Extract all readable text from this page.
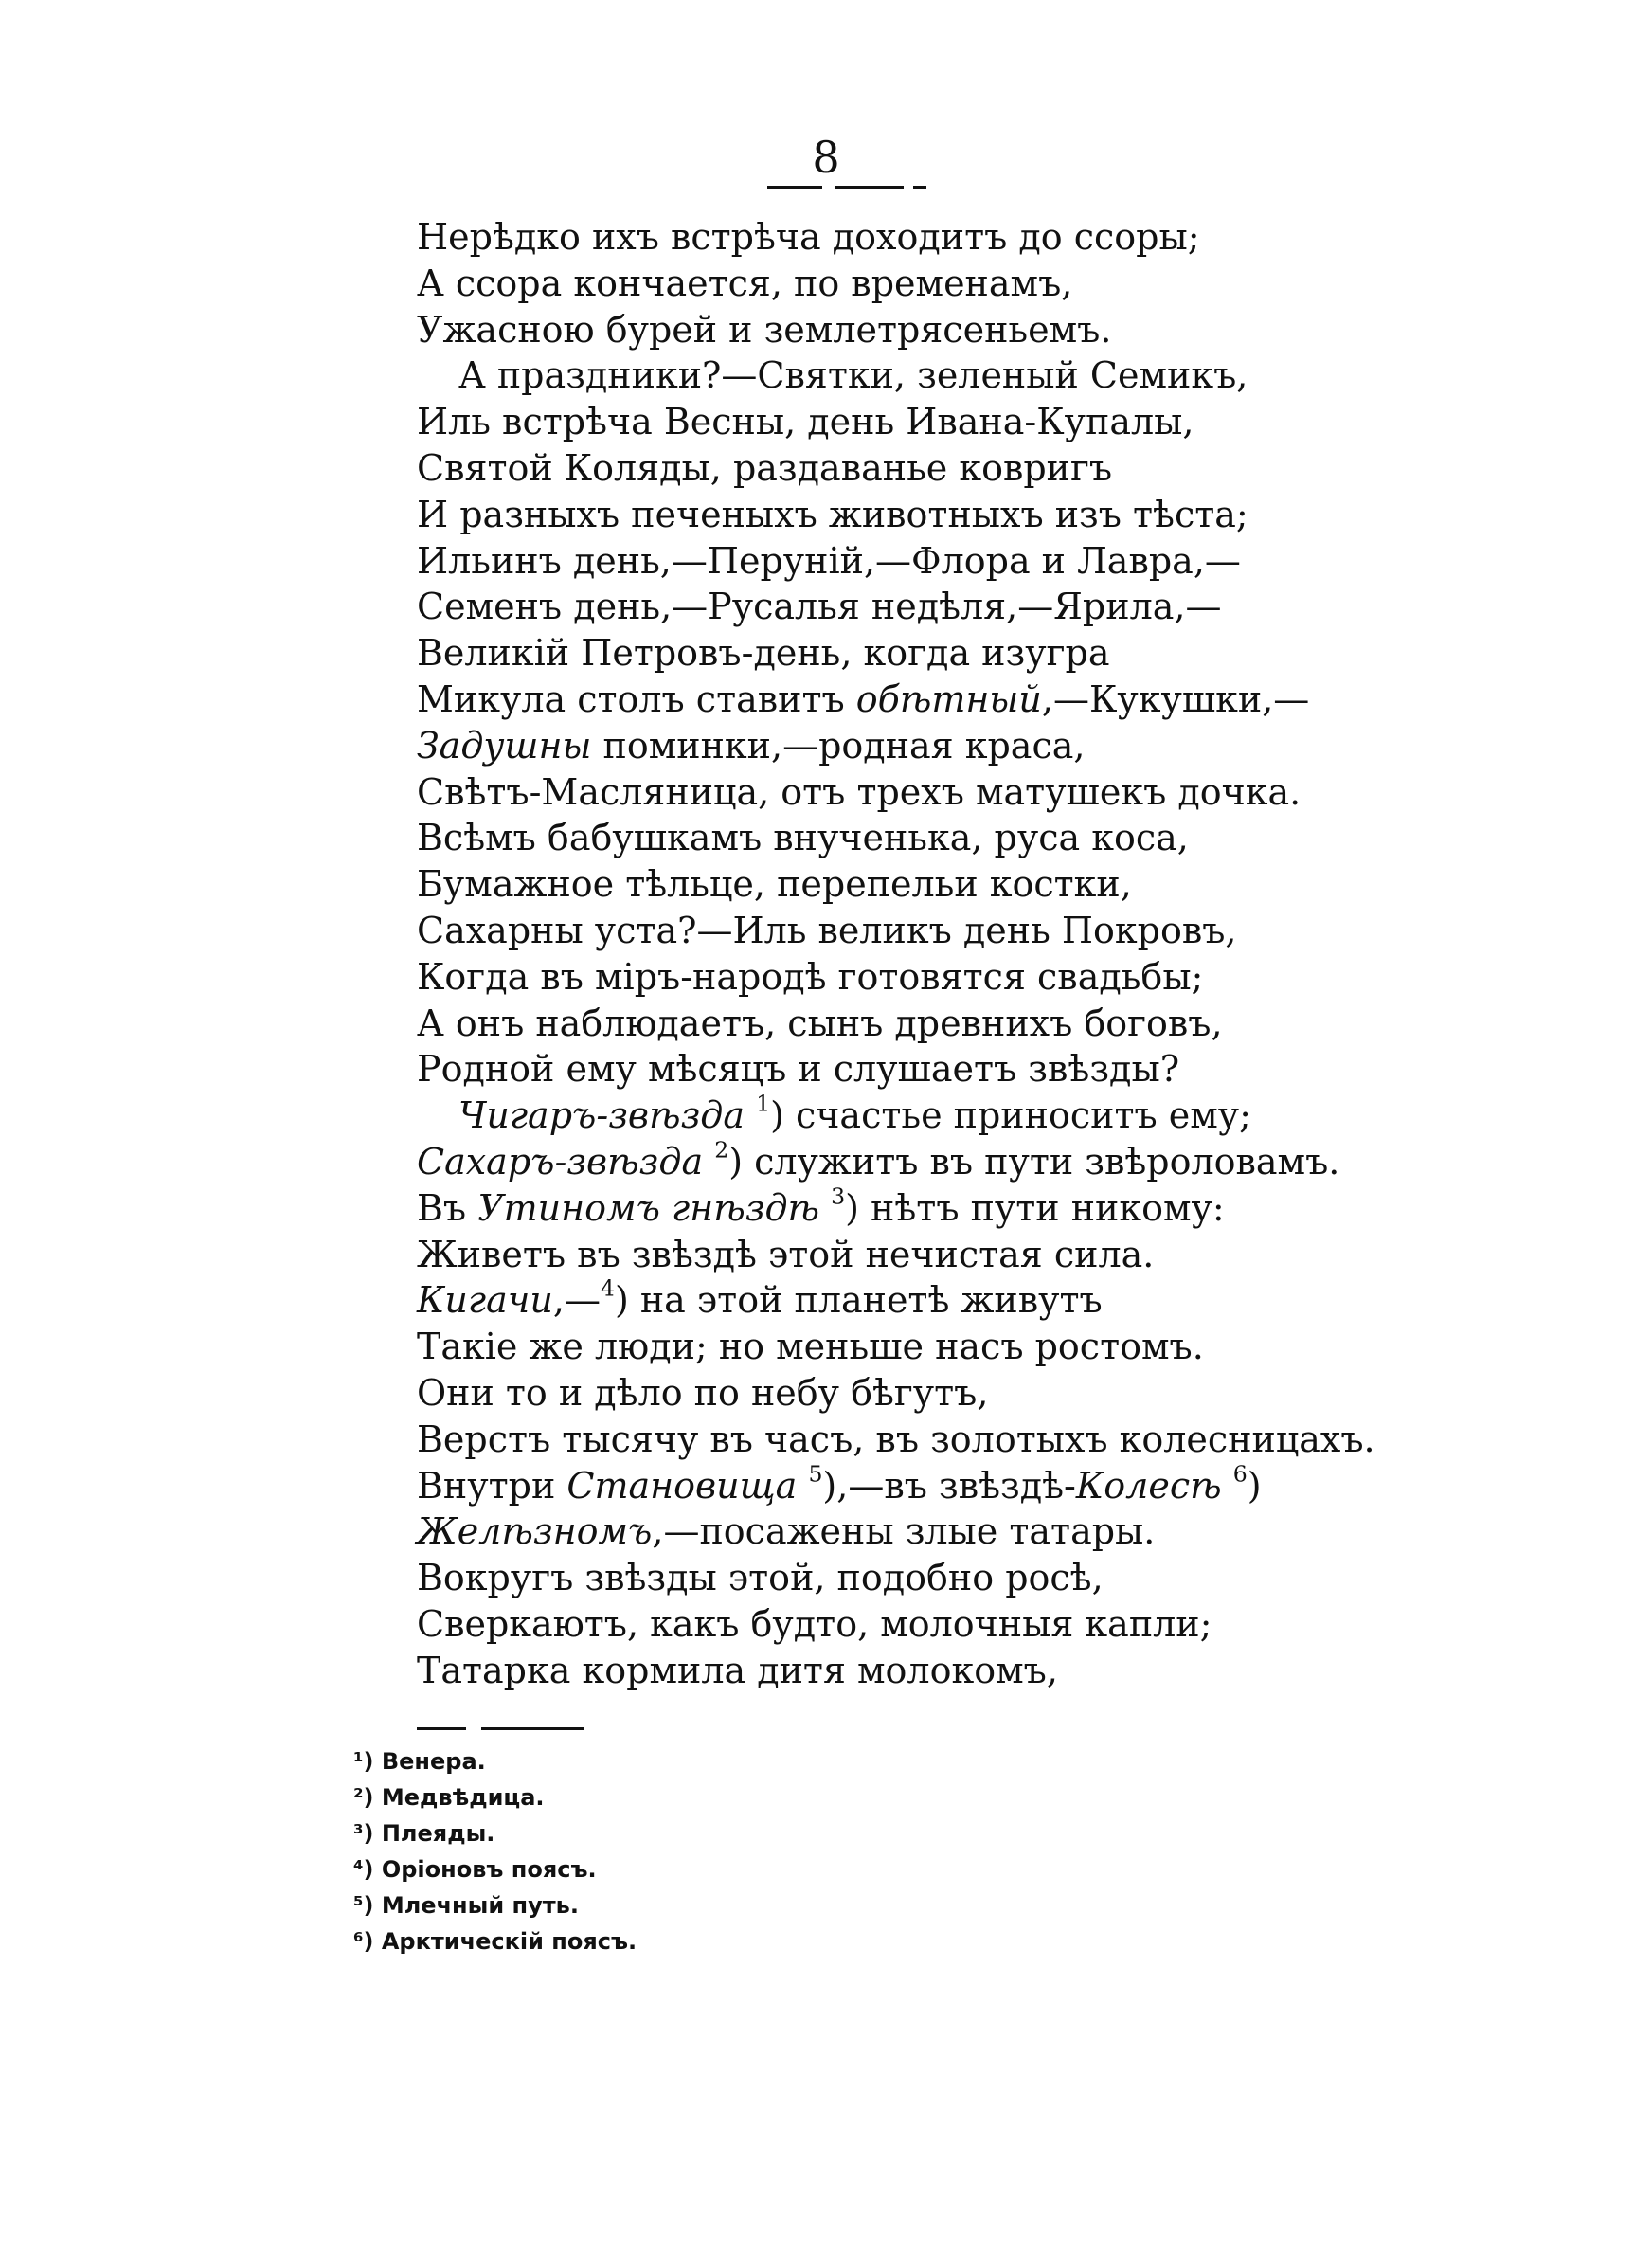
8
Нерѣдко ихъ встрѣча доходитъ до ссоры;
А ссора кончается, по временамъ,
Ужасною бурей и землетрясеньемъ.
А праздники?—Святки, зеленый Семикъ,
Иль встрѣча Весны, день Ивана-Купалы,
Святой Коляды, раздаванье ковригъ
И разныхъ печеныхъ животныхъ изъ тѣста;
Ильинъ день,—Перуній,—Флора и Лавра,—
Семенъ день,—Русалья недѣля,—Ярила,—
Великій Петровъ-день, когда изугра
Микула столъ ставитъ обѣтный,—Кукушки,—
Задушны поминки,—родная краса,
Свѣтъ-Масляница, отъ трехъ матушекъ дочка.
Всѣмъ бабушкамъ внученька, руса коса,
Бумажное тѣльце, перепельи костки,
Сахарны уста?—Иль великъ день Покровъ,
Когда въ міръ-народѣ готовятся свадьбы;
А онъ наблюдаетъ, сынъ древнихъ боговъ,
Родной ему мѣсяцъ и слушаетъ звѣзды?
Чигаръ-звѣзда $^1$) счастье приноситъ ему;
Сахаръ-звѣзда $^2$) служитъ въ пути звѣроловамъ.
Въ Утиномъ гнѣздѣ $^3$) нѣтъ пути никому:
Живетъ въ звѣздѣ этой нечистая сила.
Кигачи,—$^4$) на этой планетѣ живутъ
Такіе же люди; но меньше насъ ростомъ.
Они то и дѣло по небу бѣгутъ,
Верстъ тысячу въ часъ, въ золотыхъ колесницахъ.
Внутри Становища $^5$),—въ звѣздѣ-Колесѣ $^6$)
Желѣзномъ,—посажены злые татары.
Вокругъ звѣзды этой, подобно росѣ,
Сверкаютъ, какъ будто, молочныя капли;
Татарка кормила дитя молокомъ,
¹) Венера.
²) Медвѣдица.
³) Плеяды.
⁴) Оріоновъ поясъ.
⁵) Млечный путь.
⁶) Арктическій поясъ.
